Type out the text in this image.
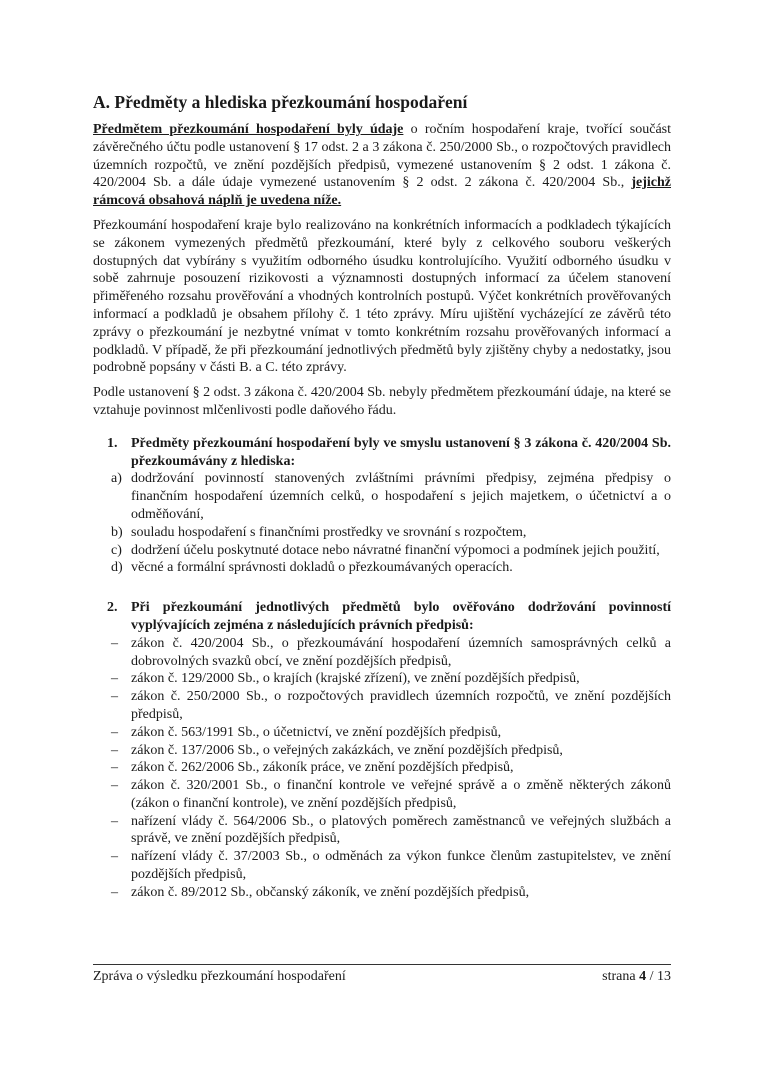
A. Předměty a hlediska přezkoumání hospodaření

Předmětem přezkoumání hospodaření byly údaje o ročním hospodaření kraje, tvořící součást závěrečného účtu podle ustanovení § 17 odst. 2 a 3 zákona č. 250/2000 Sb., o rozpočtových pravidlech územních rozpočtů, ve znění pozdějších předpisů, vymezené ustanovením § 2 odst. 1 zákona č. 420/2004 Sb. a dále údaje vymezené ustanovením § 2 odst. 2 zákona č. 420/2004 Sb., jejichž rámcová obsahová náplň je uvedena níže.

Přezkoumání hospodaření kraje bylo realizováno na konkrétních informacích a podkladech týkajících se zákonem vymezených předmětů přezkoumání, které byly z celkového souboru veškerých dostupných dat vybírány s využitím odborného úsudku kontrolujícího. Využití odborného úsudku v sobě zahrnuje posouzení rizikovosti a významnosti dostupných informací za účelem stanovení přiměřeného rozsahu prověřování a vhodných kontrolních postupů. Výčet konkrétních prověřovaných informací a podkladů je obsahem přílohy č. 1 této zprávy. Míru ujištění vycházející ze závěrů této zprávy o přezkoumání je nezbytné vnímat v tomto konkrétním rozsahu prověřovaných informací a podkladů. V případě, že při přezkoumání jednotlivých předmětů byly zjištěny chyby a nedostatky, jsou podrobně popsány v části B. a C. této zprávy.

Podle ustanovení § 2 odst. 3 zákona č. 420/2004 Sb. nebyly předmětem přezkoumání údaje, na které se vztahuje povinnost mlčenlivosti podle daňového řádu.

1. Předměty přezkoumání hospodaření byly ve smyslu ustanovení § 3 zákona č. 420/2004 Sb. přezkoumávány z hlediska:
a) dodržování povinností stanovených zvláštními právními předpisy, zejména předpisy o finančním hospodaření územních celků, o hospodaření s jejich majetkem, o účetnictví a o odměňování,
b) souladu hospodaření s finančními prostředky ve srovnání s rozpočtem,
c) dodržení účelu poskytnuté dotace nebo návratné finanční výpomoci a podmínek jejich použití,
d) věcné a formální správnosti dokladů o přezkoumávaných operacích.
2. Při přezkoumání jednotlivých předmětů bylo ověřováno dodržování povinností vyplývajících zejména z následujících právních předpisů:
– zákon č. 420/2004 Sb., o přezkoumávání hospodaření územních samosprávných celků a dobrovolných svazků obcí, ve znění pozdějších předpisů,
– zákon č. 129/2000 Sb., o krajích (krajské zřízení), ve znění pozdějších předpisů,
– zákon č. 250/2000 Sb., o rozpočtových pravidlech územních rozpočtů, ve znění pozdějších předpisů,
– zákon č. 563/1991 Sb., o účetnictví, ve znění pozdějších předpisů,
– zákon č. 137/2006 Sb., o veřejných zakázkách, ve znění pozdějších předpisů,
– zákon č. 262/2006 Sb., zákoník práce, ve znění pozdějších předpisů,
– zákon č. 320/2001 Sb., o finanční kontrole ve veřejné správě a o změně některých zákonů (zákon o finanční kontrole), ve znění pozdějších předpisů,
– nařízení vlády č. 564/2006 Sb., o platových poměrech zaměstnanců ve veřejných službách a správě, ve znění pozdějších předpisů,
– nařízení vlády č. 37/2003 Sb., o odměnách za výkon funkce členům zastupitelstev, ve znění pozdějších předpisů,
– zákon č. 89/2012 Sb., občanský zákoník, ve znění pozdějších předpisů,
Zpráva o výsledku přezkoumání hospodaření	strana 4 / 13
